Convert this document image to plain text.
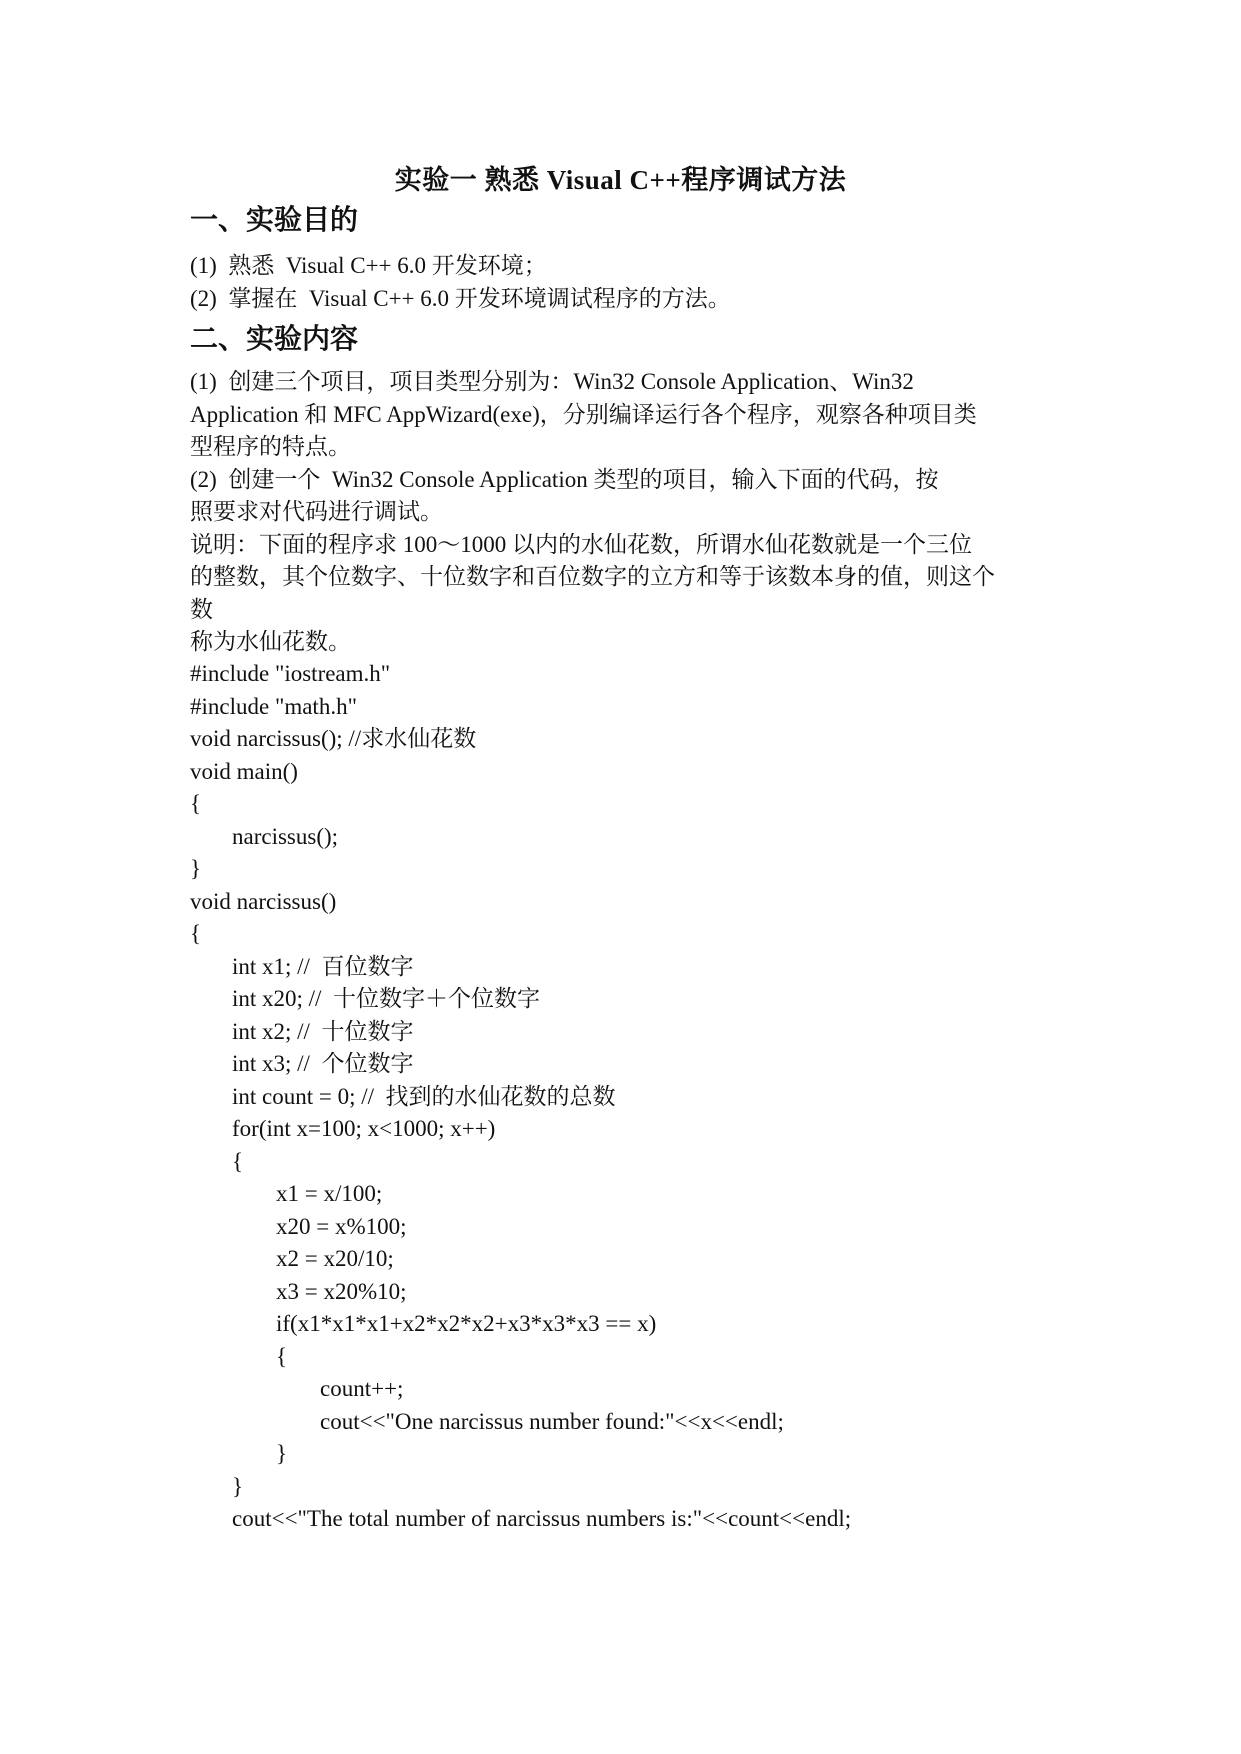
实验一 熟悉 Visual C++程序调试方法
一、实验目的
(1)  熟悉  Visual C++ 6.0 开发环境；
(2)  掌握在  Visual C++ 6.0 开发环境调试程序的方法。
二、实验内容
(1)  创建三个项目，项目类型分别为：Win32 Console Application、Win32
Application 和 MFC AppWizard(exe)，分别编译运行各个程序，观察各种项目类
型程序的特点。
(2)  创建一个  Win32 Console Application 类型的项目，输入下面的代码，按
照要求对代码进行调试。
说明：下面的程序求 100～1000 以内的水仙花数，所谓水仙花数就是一个三位
的整数，其个位数字、十位数字和百位数字的立方和等于该数本身的值，则这个
数
称为水仙花数。
#include "iostream.h"
#include "math.h"
void narcissus(); //求水仙花数
void main()
{
narcissus();
}
void narcissus()
{
int x1; //  百位数字
int x20; //  十位数字＋个位数字
int x2; //  十位数字
int x3; //  个位数字
int count = 0; //  找到的水仙花数的总数
for(int x=100; x<1000; x++)
{
x1 = x/100;
x20 = x%100;
x2 = x20/10;
x3 = x20%10;
if(x1*x1*x1+x2*x2*x2+x3*x3*x3 == x)
{
count++;
cout<<"One narcissus number found:"<<x<<endl;
}
}
cout<<"The total number of narcissus numbers is:"<<count<<endl;
